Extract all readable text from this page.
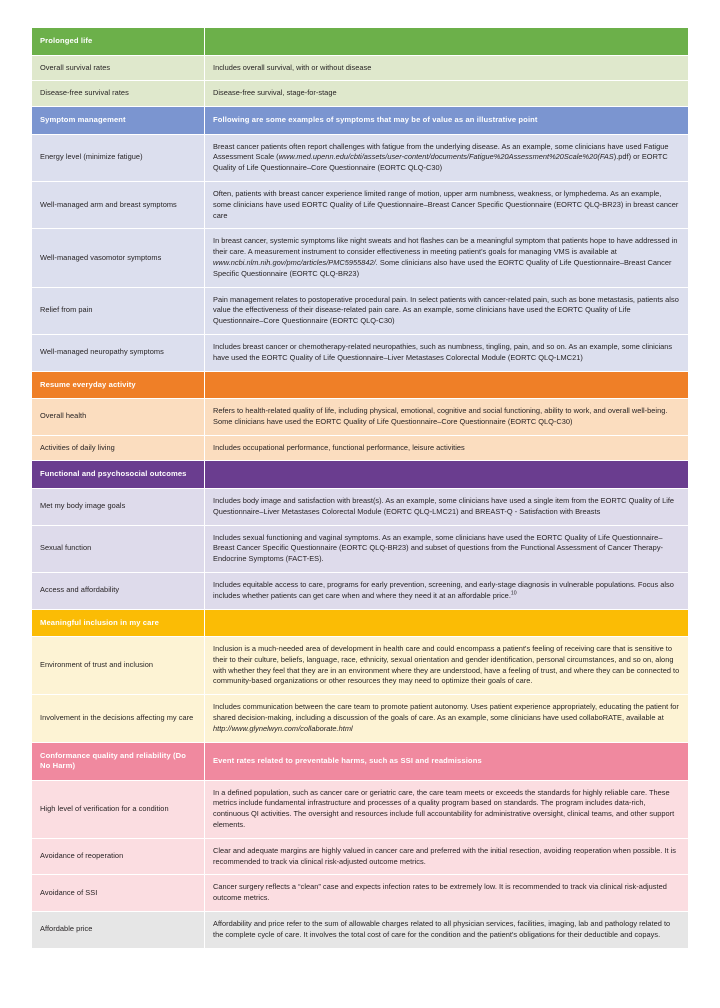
Prolonged life	
Overall survival rates	Includes overall survival, with or without disease
Disease-free survival rates	Disease-free survival, stage-for-stage
Symptom management	Following are some examples of symptoms that may be of value as an illustrative point
Energy level (minimize fatigue)	Breast cancer patients often report challenges with fatigue from the underlying disease. As an example, some clinicians have used Fatigue Assessment Scale (www.med.upenn.edu/cbti/assets/user-content/documents/Fatigue%20Assessment%20Scale%20(FAS).pdf) or EORTC Quality of Life Questionnaire–Core Questionnaire (EORTC QLQ-C30)
Well-managed arm and breast symptoms	Often, patients with breast cancer experience limited range of motion, upper arm numbness, weakness, or lymphedema. As an example, some clinicians have used EORTC Quality of Life Questionnaire–Breast Cancer Specific Questionnaire (EORTC QLQ-BR23) in breast cancer care
Well-managed vasomotor symptoms	In breast cancer, systemic symptoms like night sweats and hot flashes can be a meaningful symptom that patients hope to have addressed in their care. A measurement instrument to consider effectiveness in meeting patient's goals for managing VMS is available at www.ncbi.nlm.nih.gov/pmc/articles/PMC5955842/. Some clinicians also have used the EORTC Quality of Life Questionnaire–Breast Cancer Specific Questionnaire (EORTC QLQ-BR23)
Relief from pain	Pain management relates to postoperative procedural pain. In select patients with cancer-related pain, such as bone metastasis, patients also value the effectiveness of their disease-related pain care. As an example, some clinicians have used the EORTC Quality of Life Questionnaire–Core Questionnaire (EORTC QLQ-C30)
Well-managed neuropathy symptoms	Includes breast cancer or chemotherapy-related neuropathies, such as numbness, tingling, pain, and so on. As an example, some clinicians have used the EORTC Quality of Life Questionnaire–Liver Metastases Colorectal Module (EORTC QLQ-LMC21)
Resume everyday activity	
Overall health	Refers to health-related quality of life, including physical, emotional, cognitive and social functioning, ability to work, and overall well-being. Some clinicians have used the EORTC Quality of Life Questionnaire–Core Questionnaire (EORTC QLQ-C30)
Activities of daily living	Includes occupational performance, functional performance, leisure activities
Functional and psychosocial outcomes	
Met my body image goals	Includes body image and satisfaction with breast(s). As an example, some clinicians have used a single item from the EORTC Quality of Life Questionnaire–Liver Metastases Colorectal Module (EORTC QLQ-LMC21) and BREAST-Q - Satisfaction with Breasts
Sexual function	Includes sexual functioning and vaginal symptoms. As an example, some clinicians have used the EORTC Quality of Life Questionnaire–Breast Cancer Specific Questionnaire (EORTC QLQ-BR23) and subset of questions from the Functional Assessment of Cancer Therapy-Endocrine Symptoms (FACT-ES).
Access and affordability	Includes equitable access to care, programs for early prevention, screening, and early-stage diagnosis in vulnerable populations. Focus also includes whether patients can get care when and where they need it at an affordable price.$^{10}$
Meaningful inclusion in my care	
Environment of trust and inclusion	Inclusion is a much-needed area of development in health care and could encompass a patient's feeling of receiving care that is sensitive to their to their culture, beliefs, language, race, ethnicity, sexual orientation and gender identification, personal circumstances, and so on, along with whether they feel that they are in an environment where they are understood, have a feeling of trust, and where they can be connected to community-based organizations or other resources they may need to optimize their goals of care.
Involvement in the decisions affecting my care	Includes communication between the care team to promote patient autonomy. Uses patient experience appropriately, educating the patient for shared decision-making, including a discussion of the goals of care. As an example, some clinicians have used collaboRATE, available at http://www.glynelwyn.com/collaborate.html
Conformance quality and reliability (Do No Harm)	Event rates related to preventable harms, such as SSI and readmissions
High level of verification for a condition	In a defined population, such as cancer care or geriatric care, the care team meets or exceeds the standards for highly reliable care. These metrics include fundamental infrastructure and processes of a quality program based on standards. The program includes data-rich, continuous QI activities. The oversight and resources include full accountability for administrative oversight, clinical teams, and other support elements.
Avoidance of reoperation	Clear and adequate margins are highly valued in cancer care and preferred with the initial resection, avoiding reoperation when possible. It is recommended to track via clinical risk-adjusted outcome metrics.
Avoidance of SSI	Cancer surgery reflects a “clean” case and expects infection rates to be extremely low. It is recommended to track via clinical risk-adjusted outcome metrics.
Affordable price	Affordability and price refer to the sum of allowable charges related to all physician services, facilities, imaging, lab and pathology related to the complete cycle of care. It involves the total cost of care for the condition and the patient's obligations for their deductible and copays.
